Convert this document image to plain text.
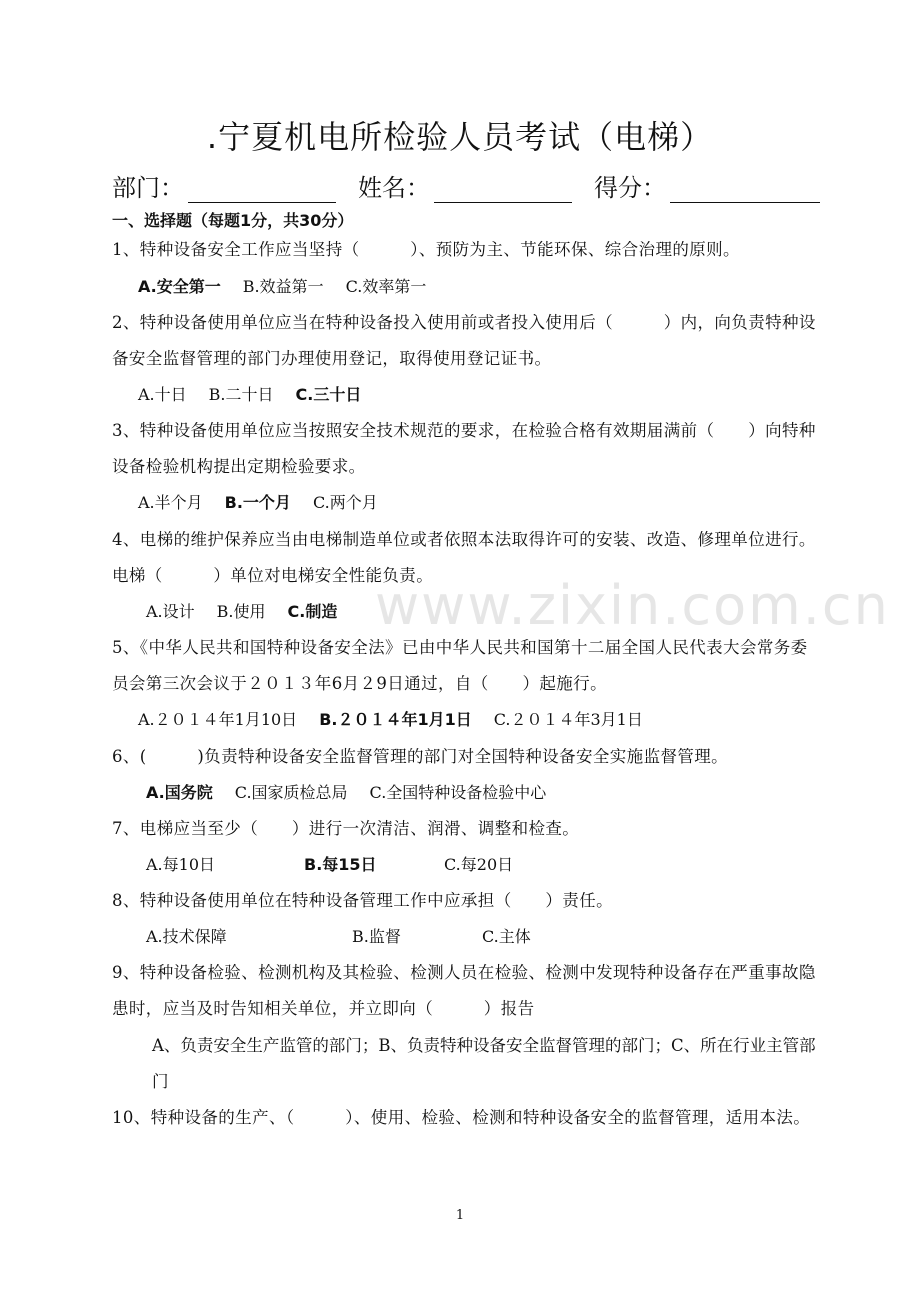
.宁夏机电所检验人员考试（电梯）
部门：	姓名：	得分：
一、选择题（每题1分，共30分）
www.zixin.com.cn
1、特种设备安全工作应当坚持（　　　）、预防为主、节能环保、综合治理的原则。
A.安全第一 B.效益第一 C.效率第一
2、特种设备使用单位应当在特种设备投入使用前或者投入使用后（　　　）内，向负责特种设备安全监督管理的部门办理使用登记，取得使用登记证书。
A.十日 B.二十日 C.三十日
3、特种设备使用单位应当按照安全技术规范的要求，在检验合格有效期届满前（　　）向特种设备检验机构提出定期检验要求。
A.半个月 B.一个月 C.两个月
4、电梯的维护保养应当由电梯制造单位或者依照本法取得许可的安装、改造、修理单位进行。电梯（　　　）单位对电梯安全性能负责。
A.设计 B.使用 C.制造
5、《中华人民共和国特种设备安全法》已由中华人民共和国第十二届全国人民代表大会常务委员会第三次会议于２０１３年6月２9日通过，自（　　）起施行。
A.２０１４年1月10日 B.２０１４年1月1日 C.２０１４年3月1日
6、(　　　)负责特种设备安全监督管理的部门对全国特种设备安全实施监督管理。
A.国务院 C.国家质检总局 C.全国特种设备检验中心
7、电梯应当至少（　　）进行一次清洁、润滑、调整和检查。
A.每10日	B.每15日	C.每20日
8、特种设备使用单位在特种设备管理工作中应承担（　　）责任。
A.技术保障	B.监督	C.主体
9、特种设备检验、检测机构及其检验、检测人员在检验、检测中发现特种设备存在严重事故隐患时，应当及时告知相关单位，并立即向（　　　）报告
A、负责安全生产监管的部门；B、负责特种设备安全监督管理的部门；C、所在行业主管部门
10、特种设备的生产、（　　　）、使用、检验、检测和特种设备安全的监督管理，适用本法。
1
